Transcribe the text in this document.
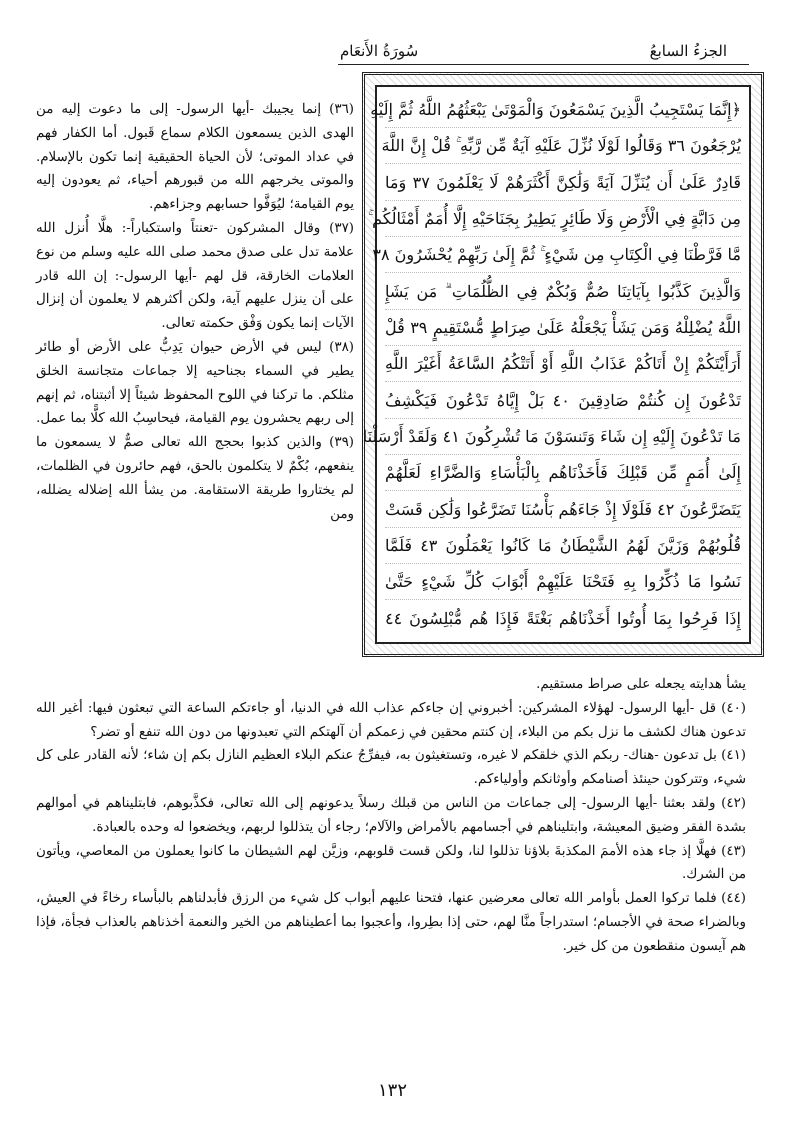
الجزءُ السابعُ
سُورَةُ الأَنعَام
﴿إِنَّمَا يَسْتَجِيبُ الَّذِينَ يَسْمَعُونَ وَالْمَوْتَىٰ يَبْعَثُهُمُ اللَّهُ ثُمَّ إِلَيْهِ
يُرْجَعُونَ ٣٦ وَقَالُوا لَوْلَا نُزِّلَ عَلَيْهِ آيَةٌ مِّن رَّبِّهِ ۚ قُلْ إِنَّ اللَّهَ
قَادِرٌ عَلَىٰ أَن يُنَزِّلَ آيَةً وَلَٰكِنَّ أَكْثَرَهُمْ لَا يَعْلَمُونَ ٣٧ وَمَا
مِن دَابَّةٍ فِي الْأَرْضِ وَلَا طَائِرٍ يَطِيرُ بِجَنَاحَيْهِ إِلَّا أُمَمٌ أَمْثَالُكُم ۚ
مَّا فَرَّطْنَا فِي الْكِتَابِ مِن شَيْءٍ ۚ ثُمَّ إِلَىٰ رَبِّهِمْ يُحْشَرُونَ ٣٨
وَالَّذِينَ كَذَّبُوا بِآيَاتِنَا صُمٌّ وَبُكْمٌ فِي الظُّلُمَاتِ ۗ مَن يَشَإِ
اللَّهُ يُضْلِلْهُ وَمَن يَشَأْ يَجْعَلْهُ عَلَىٰ صِرَاطٍ مُّسْتَقِيمٍ ٣٩ قُلْ
أَرَأَيْتَكُمْ إِنْ أَتَاكُمْ عَذَابُ اللَّهِ أَوْ أَتَتْكُمُ السَّاعَةُ أَغَيْرَ اللَّهِ
تَدْعُونَ إِن كُنتُمْ صَادِقِينَ ٤٠ بَلْ إِيَّاهُ تَدْعُونَ فَيَكْشِفُ
مَا تَدْعُونَ إِلَيْهِ إِن شَاءَ وَتَنسَوْنَ مَا تُشْرِكُونَ ٤١ وَلَقَدْ أَرْسَلْنَا
إِلَىٰ أُمَمٍ مِّن قَبْلِكَ فَأَخَذْنَاهُم بِالْبَأْسَاءِ وَالضَّرَّاءِ لَعَلَّهُمْ
يَتَضَرَّعُونَ ٤٢ فَلَوْلَا إِذْ جَاءَهُم بَأْسُنَا تَضَرَّعُوا وَلَٰكِن قَسَتْ
قُلُوبُهُمْ وَزَيَّنَ لَهُمُ الشَّيْطَانُ مَا كَانُوا يَعْمَلُونَ ٤٣ فَلَمَّا
نَسُوا مَا ذُكِّرُوا بِهِ فَتَحْنَا عَلَيْهِمْ أَبْوَابَ كُلِّ شَيْءٍ حَتَّىٰ
إِذَا فَرِحُوا بِمَا أُوتُوا أَخَذْنَاهُم بَغْتَةً فَإِذَا هُم مُّبْلِسُونَ ٤٤

(٣٦) إنما يجيبك -أيها الرسول- إلى ما دعوت إليه من الهدى الذين يسمعون الكلام سماع قَبول. أما الكفار فهم في عداد الموتى؛ لأن الحياة الحقيقية إنما تكون بالإسلام. والموتى يخرجهم الله من قبورهم أحياء، ثم يعودون إليه يوم القيامة؛ ليُوَفَّوا حسابهم وجزاءهم.

(٣٧) وقال المشركون -تعنتاً واستكباراً-: هلَّا أُنزل الله علامة تدل على صدق محمد صلى الله عليه وسلم من نوع العلامات الخارقة، قل لهم -أيها الرسول-: إن الله قادر على أن ينزل عليهم آية، ولكن أكثرهم لا يعلمون أن إنزال الآيات إنما يكون وَفْق حكمته تعالى.

(٣٨) ليس في الأرض حيوان يَدِبُّ على الأرض أو طائر يطير في السماء بجناحيه إلا جماعات متجانسة الخلق مثلكم. ما تركنا في اللوح المحفوظ شيئاً إلا أثبتناه، ثم إنهم إلى ربهم يحشرون يوم القيامة، فيحاسِبُ الله كلًّا بما عمل.

(٣٩) والذين كذبوا بحجج الله تعالى صمٌّ لا يسمعون ما ينفعهم، بُكْمٌ لا يتكلمون بالحق، فهم حائرون في الظلمات، لم يختاروا طريقة الاستقامة. من يشأ الله إضلاله يضلله، ومن

يشأ هدايته يجعله على صراط مستقيم.

(٤٠) قل -أيها الرسول- لهؤلاء المشركين: أخبروني إن جاءكم عذاب الله في الدنيا، أو جاءتكم الساعة التي تبعثون فيها: أغير الله تدعون هناك لكشف ما نزل بكم من البلاء، إن كنتم محقين في زعمكم أن آلهتكم التي تعبدونها من دون الله تنفع أو تضر؟

(٤١) بل تدعون -هناك- ربكم الذي خلقكم لا غيره، وتستغيثون به، فيفرِّجُ عنكم البلاء العظيم النازل بكم إن شاء؛ لأنه القادر على كل شيء، وتتركون حينئذ أصنامكم وأوثانكم وأولياءكم.

(٤٢) ولقد بعثنا -أيها الرسول- إلى جماعات من الناس من قبلك رسلاً يدعونهم إلى الله تعالى، فكذَّبوهم، فابتليناهم في أموالهم بشدة الفقر وضيق المعيشة، وابتليناهم في أجسامهم بالأمراض والآلام؛ رجاء أن يتذللوا لربهم، ويخضعوا له وحده بالعبادة.

(٤٣) فهلَّا إذ جاء هذه الأممَ المكذبةَ بلاؤنا تذللوا لنا، ولكن قست قلوبهم، وزيَّن لهم الشيطان ما كانوا يعملون من المعاصي، ويأتون من الشرك.

(٤٤) فلما تركوا العمل بأوامر الله تعالى معرضين عنها، فتحنا عليهم أبواب كل شيء من الرزق فأبدلناهم بالبأساء رخاءً في العيش، وبالضراء صحة في الأجسام؛ استدراجاً منَّا لهم، حتى إذا بطِروا، وأعجبوا بما أعطيناهم من الخير والنعمة أخذناهم بالعذاب فجأة، فإذا هم آيسون منقطعون من كل خير.

١٣٢
